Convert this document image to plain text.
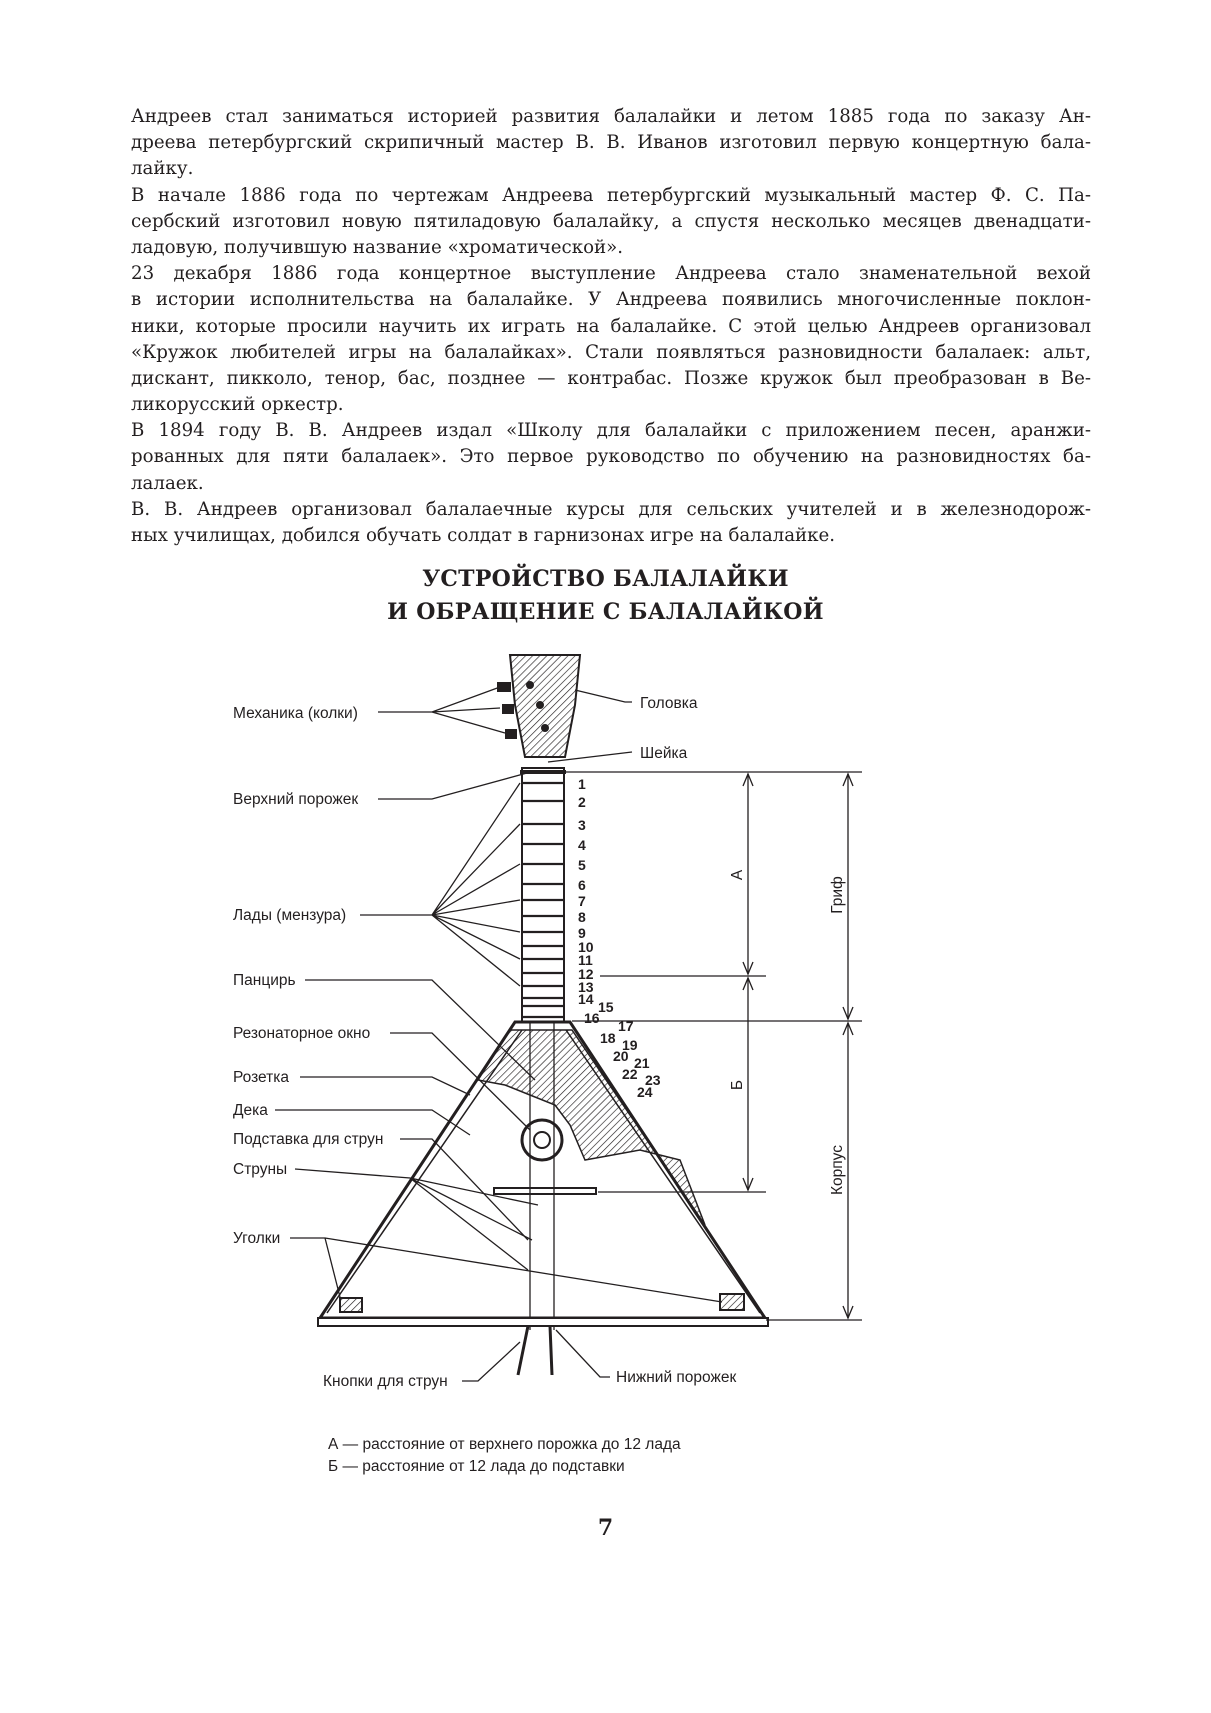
Андреев стал заниматься историей развития балалайки и летом 1885 года по заказу Ан-
дреева петербургский скрипичный мастер В. В. Иванов изготовил первую концертную бала-
лайку.
В начале 1886 года по чертежам Андреева петербургский музыкальный мастер Ф. С. Па-
сербский изготовил новую пятиладовую балалайку, а спустя несколько месяцев двенадцати-
ладовую, получившую название «хроматической».
23 декабря 1886 года концертное выступление Андреева стало знаменательной вехой
в истории исполнительства на балалайке. У Андреева появились многочисленные поклон-
ники, которые просили научить их играть на балалайке. С этой целью Андреев организовал
«Кружок любителей игры на балалайках». Стали появляться разновидности балалаек: альт,
дискант, пикколо, тенор, бас, позднее — контрабас. Позже кружок был преобразован в Ве-
ликорусский оркестр.
В 1894 году В. В. Андреев издал «Школу для балалайки с приложением песен, аранжи-
рованных для пяти балалаек». Это первое руководство по обучению на разновидностях ба-
лалаек.
В. В. Андреев организовал балалаечные курсы для сельских учителей и в железнодорож-
ных училищах, добился обучать солдат в гарнизонах игре на балалайке.
УСТРОЙСТВО БАЛАЛАЙКИ
И ОБРАЩЕНИЕ С БАЛАЛАЙКОЙ
1
2
3
4
5
6
7
8
9
10
11
12
13
14 15
16 17
18 19
20 21
22 23
24
Механика (колки)
Головка
Шейка
Верхний порожек
Лады (мензура)
Панцирь
Резонаторное окно
Розетка
Дека
Подставка для струн
Струны
Уголки
Кнопки для струн	Нижний порожек
А
Б
Гриф
Корпус
А — расстояние от верхнего порожка до 12 лада
Б — расстояние от 12 лада до подставки
7
